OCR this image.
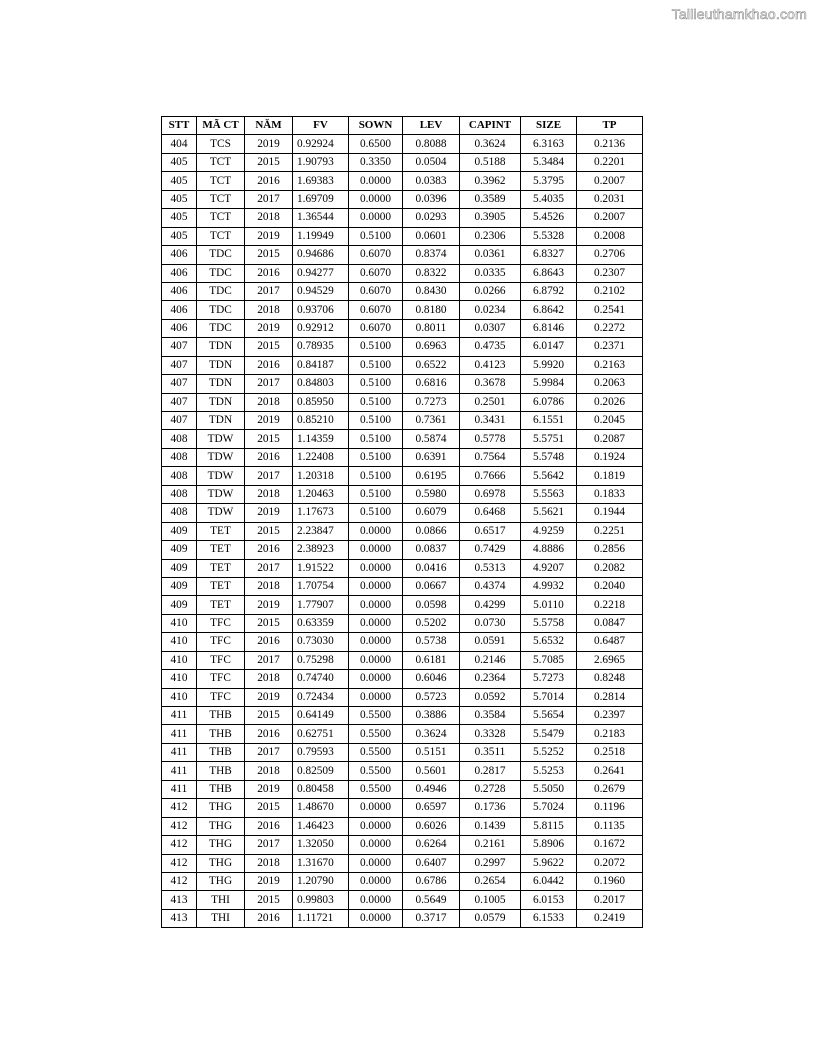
Tailieuthamkhao.com
STT	MÃ CT	NĂM	FV	SOWN	LEV	CAPINT	SIZE	TP
404	TCS	2019	0.92924	0.6500	0.8088	0.3624	6.3163	0.2136
405	TCT	2015	1.90793	0.3350	0.0504	0.5188	5.3484	0.2201
405	TCT	2016	1.69383	0.0000	0.0383	0.3962	5.3795	0.2007
405	TCT	2017	1.69709	0.0000	0.0396	0.3589	5.4035	0.2031
405	TCT	2018	1.36544	0.0000	0.0293	0.3905	5.4526	0.2007
405	TCT	2019	1.19949	0.5100	0.0601	0.2306	5.5328	0.2008
406	TDC	2015	0.94686	0.6070	0.8374	0.0361	6.8327	0.2706
406	TDC	2016	0.94277	0.6070	0.8322	0.0335	6.8643	0.2307
406	TDC	2017	0.94529	0.6070	0.8430	0.0266	6.8792	0.2102
406	TDC	2018	0.93706	0.6070	0.8180	0.0234	6.8642	0.2541
406	TDC	2019	0.92912	0.6070	0.8011	0.0307	6.8146	0.2272
407	TDN	2015	0.78935	0.5100	0.6963	0.4735	6.0147	0.2371
407	TDN	2016	0.84187	0.5100	0.6522	0.4123	5.9920	0.2163
407	TDN	2017	0.84803	0.5100	0.6816	0.3678	5.9984	0.2063
407	TDN	2018	0.85950	0.5100	0.7273	0.2501	6.0786	0.2026
407	TDN	2019	0.85210	0.5100	0.7361	0.3431	6.1551	0.2045
408	TDW	2015	1.14359	0.5100	0.5874	0.5778	5.5751	0.2087
408	TDW	2016	1.22408	0.5100	0.6391	0.7564	5.5748	0.1924
408	TDW	2017	1.20318	0.5100	0.6195	0.7666	5.5642	0.1819
408	TDW	2018	1.20463	0.5100	0.5980	0.6978	5.5563	0.1833
408	TDW	2019	1.17673	0.5100	0.6079	0.6468	5.5621	0.1944
409	TET	2015	2.23847	0.0000	0.0866	0.6517	4.9259	0.2251
409	TET	2016	2.38923	0.0000	0.0837	0.7429	4.8886	0.2856
409	TET	2017	1.91522	0.0000	0.0416	0.5313	4.9207	0.2082
409	TET	2018	1.70754	0.0000	0.0667	0.4374	4.9932	0.2040
409	TET	2019	1.77907	0.0000	0.0598	0.4299	5.0110	0.2218
410	TFC	2015	0.63359	0.0000	0.5202	0.0730	5.5758	0.0847
410	TFC	2016	0.73030	0.0000	0.5738	0.0591	5.6532	0.6487
410	TFC	2017	0.75298	0.0000	0.6181	0.2146	5.7085	2.6965
410	TFC	2018	0.74740	0.0000	0.6046	0.2364	5.7273	0.8248
410	TFC	2019	0.72434	0.0000	0.5723	0.0592	5.7014	0.2814
411	THB	2015	0.64149	0.5500	0.3886	0.3584	5.5654	0.2397
411	THB	2016	0.62751	0.5500	0.3624	0.3328	5.5479	0.2183
411	THB	2017	0.79593	0.5500	0.5151	0.3511	5.5252	0.2518
411	THB	2018	0.82509	0.5500	0.5601	0.2817	5.5253	0.2641
411	THB	2019	0.80458	0.5500	0.4946	0.2728	5.5050	0.2679
412	THG	2015	1.48670	0.0000	0.6597	0.1736	5.7024	0.1196
412	THG	2016	1.46423	0.0000	0.6026	0.1439	5.8115	0.1135
412	THG	2017	1.32050	0.0000	0.6264	0.2161	5.8906	0.1672
412	THG	2018	1.31670	0.0000	0.6407	0.2997	5.9622	0.2072
412	THG	2019	1.20790	0.0000	0.6786	0.2654	6.0442	0.1960
413	THI	2015	0.99803	0.0000	0.5649	0.1005	6.0153	0.2017
413	THI	2016	1.11721	0.0000	0.3717	0.0579	6.1533	0.2419
